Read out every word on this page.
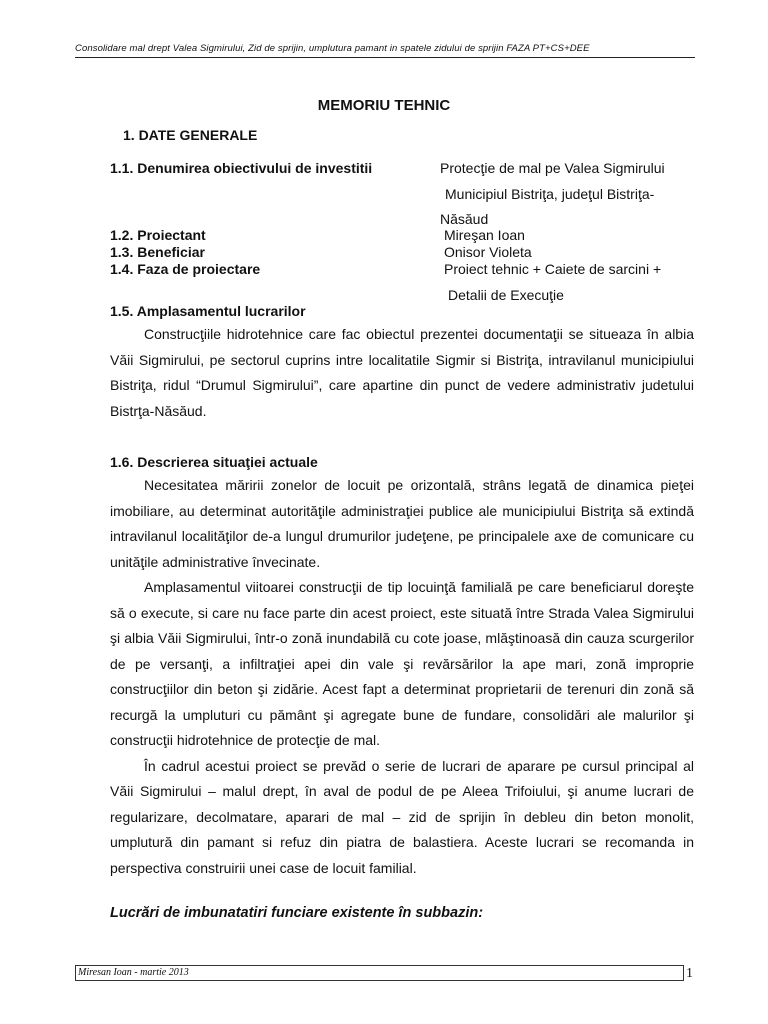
Consolidare mal drept Valea Sigmirului, Zid de sprijin, umplutura pamant in spatele zidului de sprijin FAZA PT+CS+DEE
MEMORIU TEHNIC
1. DATE GENERALE
1.1. Denumirea obiectivului de investitii	Protecţie de mal pe Valea Sigmirului
Municipiul Bistriţa, judeţul Bistriţa-
Năsăud
1.2. Proiectant	Mireşan Ioan
1.3. Beneficiar	Onisor Violeta
1.4. Faza de proiectare	Proiect tehnic + Caiete de sarcini +
Detalii de Execuţie
1.5. Amplasamentul lucrarilor

Construcţiile hidrotehnice care fac obiectul prezentei documentaţii se situeaza în albia Văii Sigmirului, pe sectorul cuprins intre localitatile Sigmir si Bistriţa, intravilanul municipiului Bistriţa, ridul “Drumul Sigmirului”, care apartine din punct de vedere administrativ judetului Bistrţa-Năsăud.

1.6. Descrierea situaţiei actuale

Necesitatea măririi zonelor de locuit pe orizontală, strâns legată de dinamica pieţei imobiliare, au determinat autorităţile administraţiei publice ale municipiului Bistriţa să extindă intravilanul localităţilor de-a lungul drumurilor judeţene, pe principalele axe de comunicare cu unităţile administrative învecinate.

Amplasamentul viitoarei construcţii de tip locuinţă familială pe care beneficiarul doreşte să o execute, si care nu face parte din acest proiect, este situată între Strada Valea Sigmirului şi albia Văii Sigmirului, într-o zonă inundabilă cu cote joase, mlăştinoasă din cauza scurgerilor de pe versanţi, a infiltraţiei apei din vale şi revărsărilor la ape mari, zonă improprie construcţiilor din beton şi zidărie. Acest fapt a determinat proprietarii de terenuri din zonă să recurgă la umpluturi cu pământ şi agregate bune de fundare, consolidări ale malurilor şi construcţii hidrotehnice de protecţie de mal.

În cadrul acestui proiect se prevăd o serie de lucrari de aparare pe cursul principal al Văii Sigmirului – malul drept, în aval de podul de pe Aleea Trifoiului, şi anume lucrari de regularizare, decolmatare, aparari de mal – zid de sprijin în debleu din beton monolit, umplutură din pamant si refuz din piatra de balastiera. Aceste lucrari se recomanda in perspectiva construirii unei case de locuit familial.

Lucrări de imbunatatiri funciare existente în subbazin:
Miresan Ioan - martie 2013	1
